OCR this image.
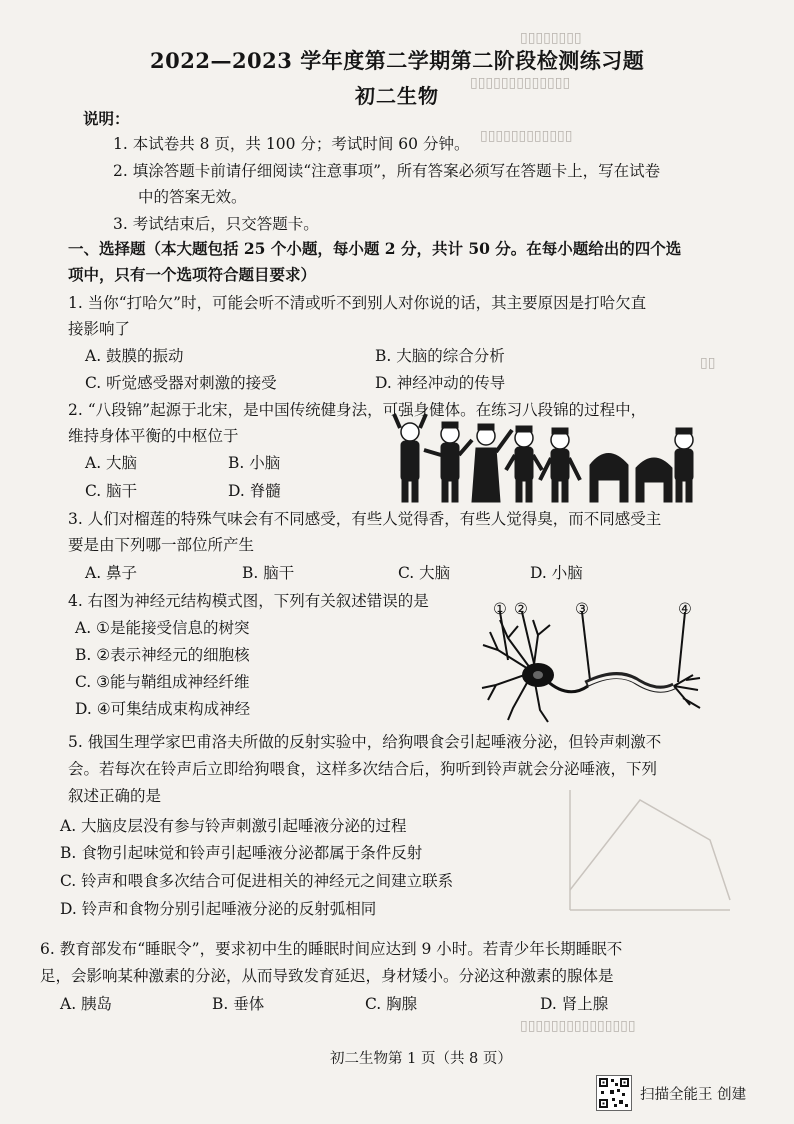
▯▯▯▯▯▯▯▯
▯▯▯▯▯▯▯▯▯▯▯▯▯
▯▯▯▯▯▯▯▯▯▯▯▯
▯▯
▯▯▯▯▯▯▯▯▯▯▯▯▯▯▯
2022—2023 学年度第二学期第二阶段检测练习题
初二生物
说明：
1. 本试卷共 8 页，共 100 分；考试时间 60 分钟。
2. 填涂答题卡前请仔细阅读“注意事项”，所有答案必须写在答题卡上，写在试卷
中的答案无效。
3. 考试结束后，只交答题卡。
一、选择题（本大题包括 25 个小题，每小题 2 分，共计 50 分。在每小题给出的四个选
项中，只有一个选项符合题目要求）
1. 当你“打哈欠”时，可能会听不清或听不到别人对你说的话，其主要原因是打哈欠直
接影响了
A. 鼓膜的振动	B. 大脑的综合分析
C. 听觉感受器对刺激的接受	D. 神经冲动的传导
2. “八段锦”起源于北宋，是中国传统健身法，可强身健体。在练习八段锦的过程中，
维持身体平衡的中枢位于
A. 大脑	B. 小脑
C. 脑干	D. 脊髓
3. 人们对榴莲的特殊气味会有不同感受，有些人觉得香，有些人觉得臭，而不同感受主
要是由下列哪一部位所产生
A. 鼻子	B. 脑干	C. 大脑	D. 小脑
4. 右图为神经元结构模式图，下列有关叙述错误的是
A. ①是能接受信息的树突
B. ②表示神经元的细胞核
C. ③能与鞘组成神经纤维
D. ④可集结成束构成神经
① ②	③	④
5. 俄国生理学家巴甫洛夫所做的反射实验中，给狗喂食会引起唾液分泌，但铃声刺激不
会。若每次在铃声后立即给狗喂食，这样多次结合后，狗听到铃声就会分泌唾液，下列
叙述正确的是
A. 大脑皮层没有参与铃声刺激引起唾液分泌的过程
B. 食物引起味觉和铃声引起唾液分泌都属于条件反射
C. 铃声和喂食多次结合可促进相关的神经元之间建立联系
D. 铃声和食物分别引起唾液分泌的反射弧相同
6. 教育部发布“睡眠令”，要求初中生的睡眠时间应达到 9 小时。若青少年长期睡眠不
足，会影响某种激素的分泌，从而导致发育延迟，身材矮小。分泌这种激素的腺体是
A. 胰岛	B. 垂体	C. 胸腺	D. 肾上腺
初二生物第 1 页（共 8 页）
扫描全能王 创建
